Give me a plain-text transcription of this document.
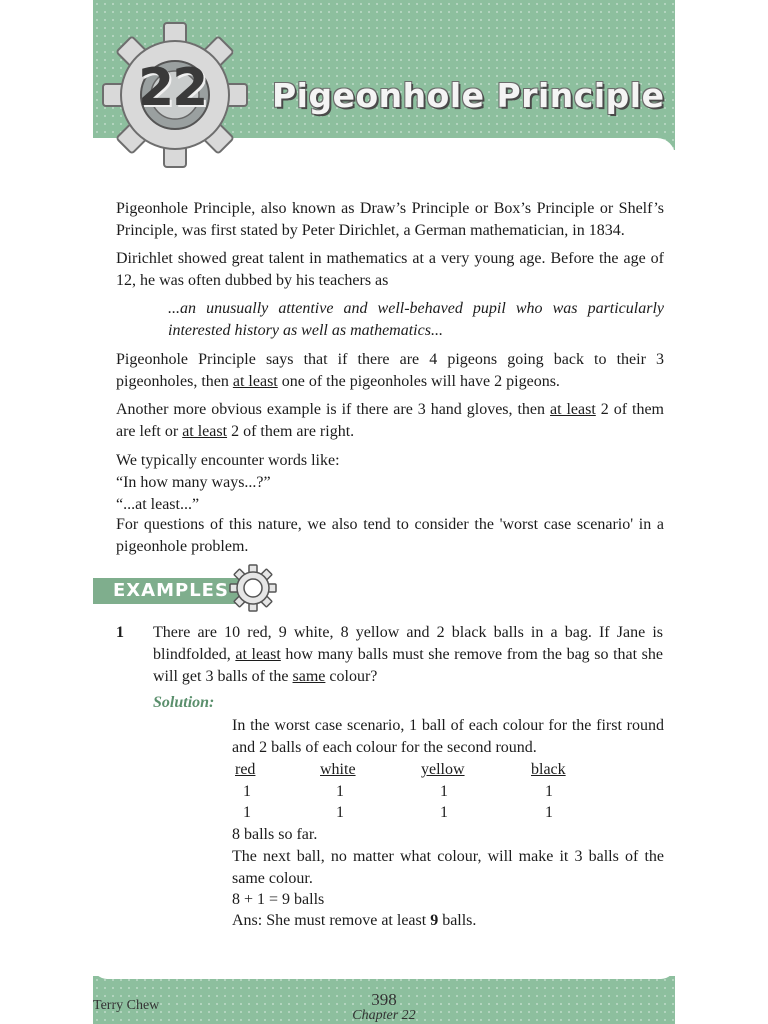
22 Pigeonhole Principle

Pigeonhole Principle, also known as Draw’s Principle or Box’s Principle or Shelf’s Principle, was first stated by Peter Dirichlet, a German mathematician, in 1834.

Dirichlet showed great talent in mathematics at a very young age. Before the age of 12, he was often dubbed by his teachers as

...an unusually attentive and well-behaved pupil who was particularly interested history as well as mathematics...

Pigeonhole Principle says that if there are 4 pigeons going back to their 3 pigeonholes, then at least one of the pigeonholes will have 2 pigeons.

Another more obvious example is if there are 3 hand gloves, then at least 2 of them are left or at least 2 of them are right.

We typically encounter words like:
“In how many ways...?”
“...at least...”

For questions of this nature, we also tend to consider the 'worst case scenario' in a pigeonhole problem.

EXAMPLES
1 There are 10 red, 9 white, 8 yellow and 2 black balls in a bag. If Jane is blindfolded, at least how many balls must she remove from the bag so that she will get 3 balls of the same colour?
Solution:
In the worst case scenario, 1 ball of each colour for the first round and 2 balls of each colour for the second round.
red	white	yellow	black
1	1	1	1
1	1	1	1
8 balls so far.
The next ball, no matter what colour, will make it 3 balls of the same colour.
8 + 1 = 9 balls
Ans: She must remove at least 9 balls.
Terry Chew	398
Chapter 22
